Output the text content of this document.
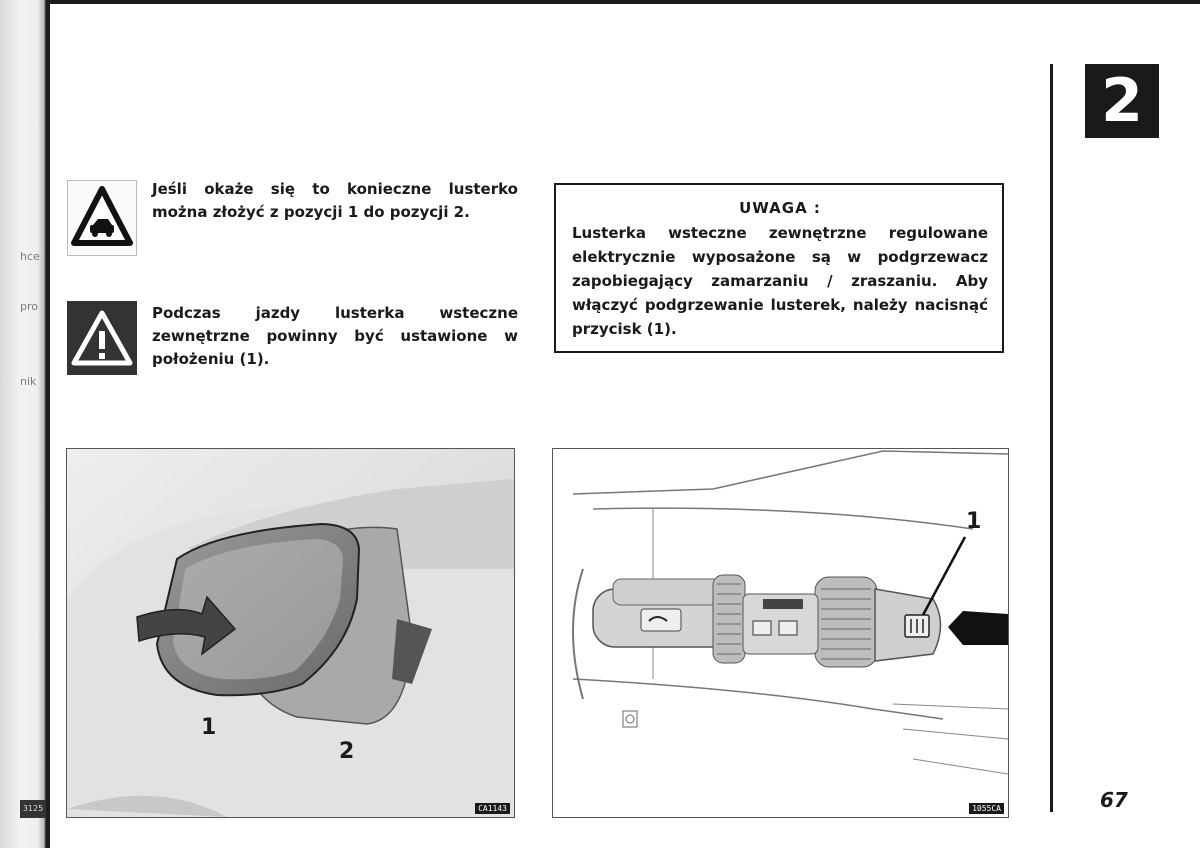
hce
pro
nik
3125
2
67

Jeśli okaże się to konieczne lusterko można złożyć z pozycji 1 do pozycji 2.

Podczas jazdy lusterka wsteczne zewnętrzne powinny być ustawione w położeniu (1).

UWAGA :

Lusterka wsteczne zewnętrzne regulowane elektrycznie wyposażone są w podgrzewacz zapobiegający zamarzaniu / zraszaniu. Aby włączyć podgrzewanie lusterek, należy nacisnąć przycisk (1).

1
2
CA1143
1
1055CA
